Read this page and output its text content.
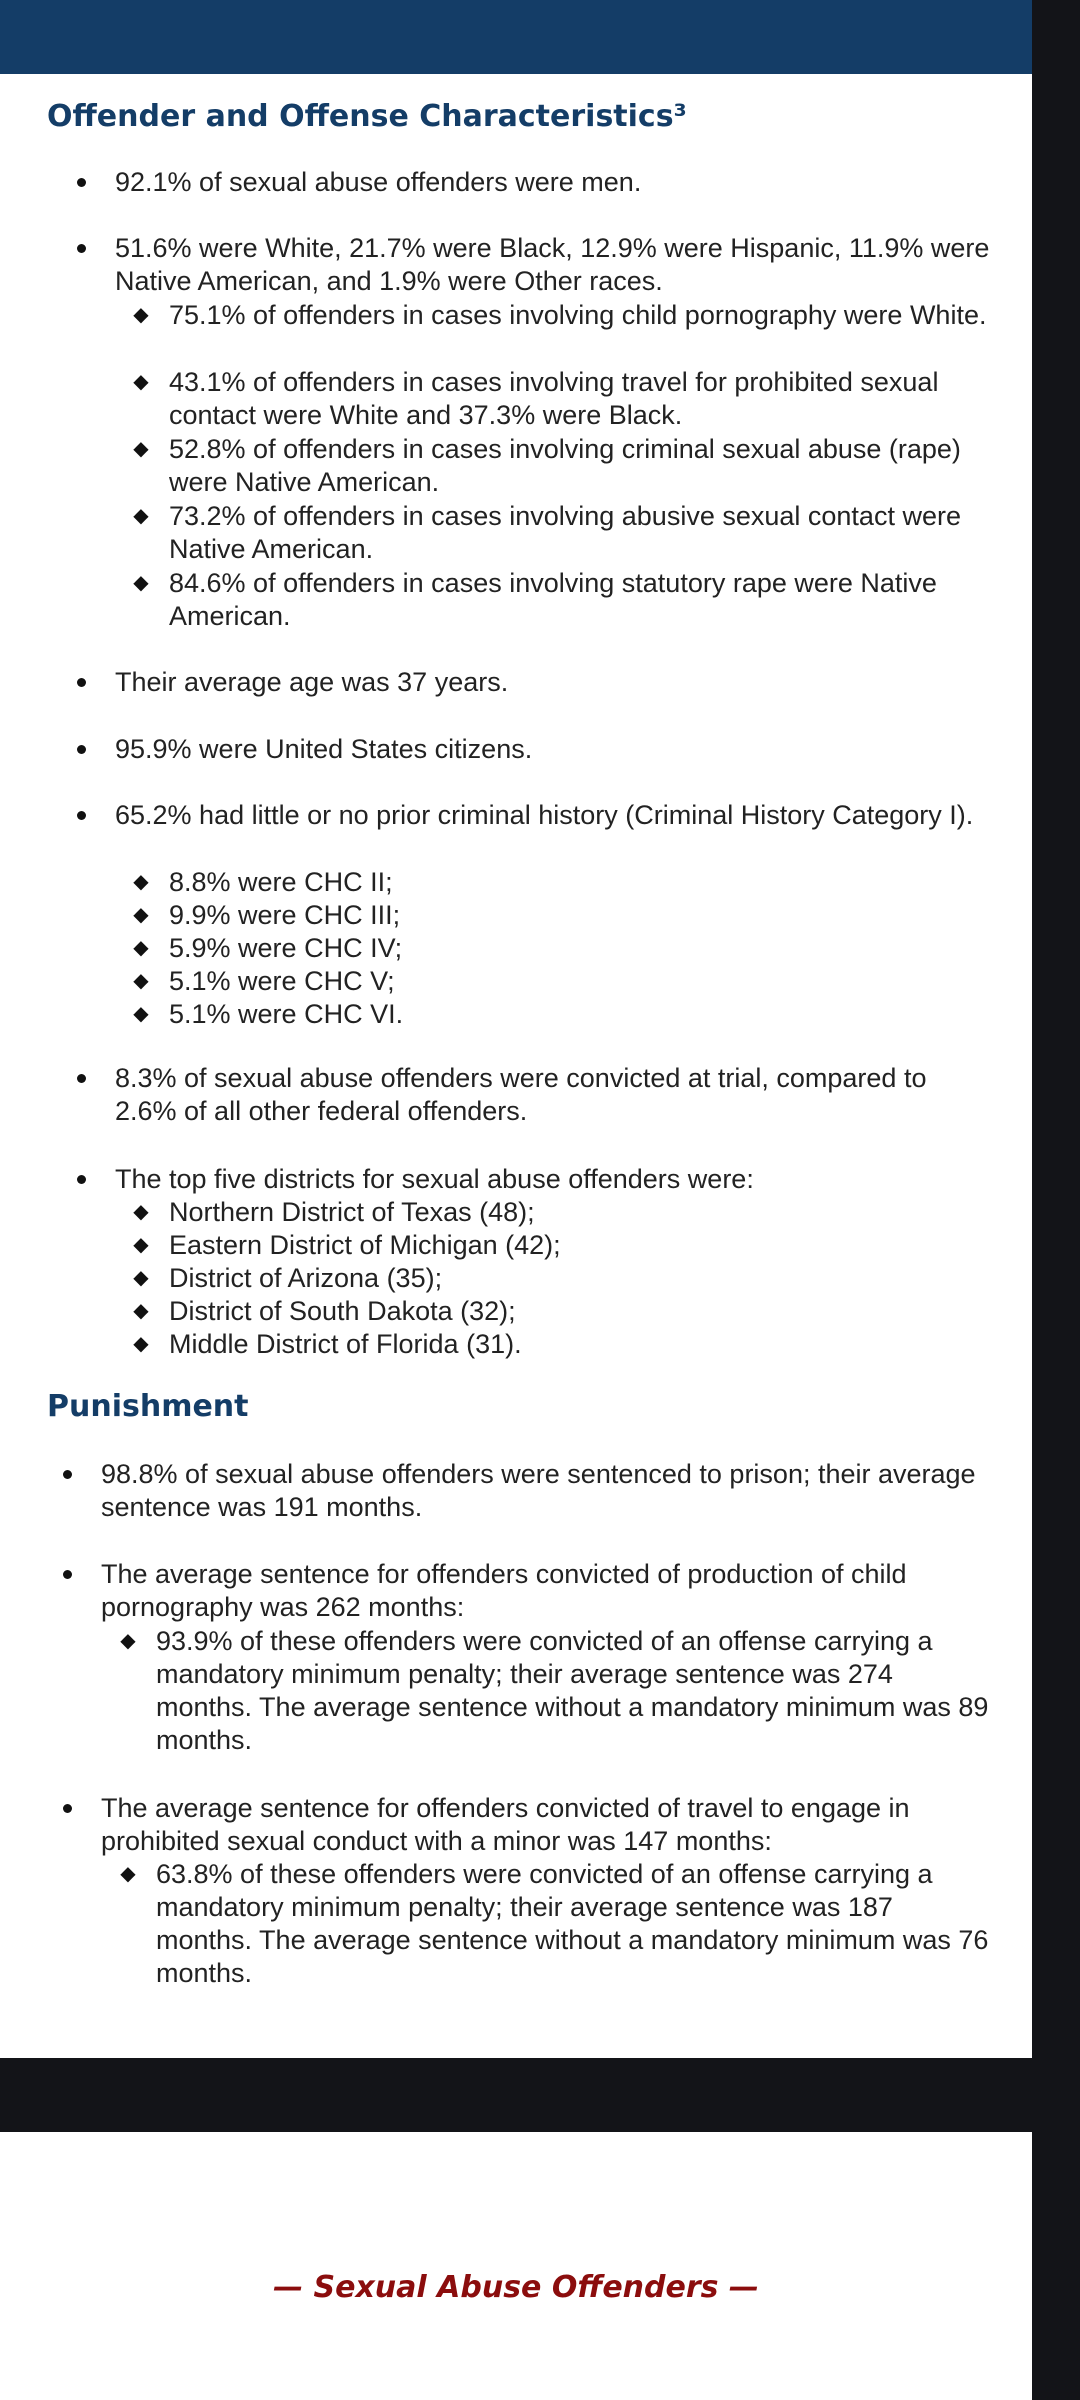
Offender and Offense Characteristics³
92.1% of sexual abuse offenders were men.
51.6% were White, 21.7% were Black, 12.9% were Hispanic, 11.9% were Native American, and 1.9% were Other races.
◆ 75.1% of offenders in cases involving child pornography were White.
◆ 43.1% of offenders in cases involving travel for prohibited sexual contact were White and 37.3% were Black.
◆ 52.8% of offenders in cases involving criminal sexual abuse (rape) were Native American.
◆ 73.2% of offenders in cases involving abusive sexual contact were Native American.
◆ 84.6% of offenders in cases involving statutory rape were Native American.
Their average age was 37 years.
95.9% were United States citizens.
65.2% had little or no prior criminal history (Criminal History Category I).
◆ 8.8% were CHC II;
◆ 9.9% were CHC III;
◆ 5.9% were CHC IV;
◆ 5.1% were CHC V;
◆ 5.1% were CHC VI.
8.3% of sexual abuse offenders were convicted at trial, compared to 2.6% of all other federal offenders.
The top five districts for sexual abuse offenders were:
◆ Northern District of Texas (48);
◆ Eastern District of Michigan (42);
◆ District of Arizona (35);
◆ District of South Dakota (32);
◆ Middle District of Florida (31).
Punishment
98.8% of sexual abuse offenders were sentenced to prison; their average sentence was 191 months.
The average sentence for offenders convicted of production of child pornography was 262 months:
◆ 93.9% of these offenders were convicted of an offense carrying a mandatory minimum penalty; their average sentence was 274 months. The average sentence without a mandatory minimum was 89 months.
The average sentence for offenders convicted of travel to engage in prohibited sexual conduct with a minor was 147 months:
◆ 63.8% of these offenders were convicted of an offense carrying a mandatory minimum penalty; their average sentence was 187 months. The average sentence without a mandatory minimum was 76 months.
— Sexual Abuse Offenders —
